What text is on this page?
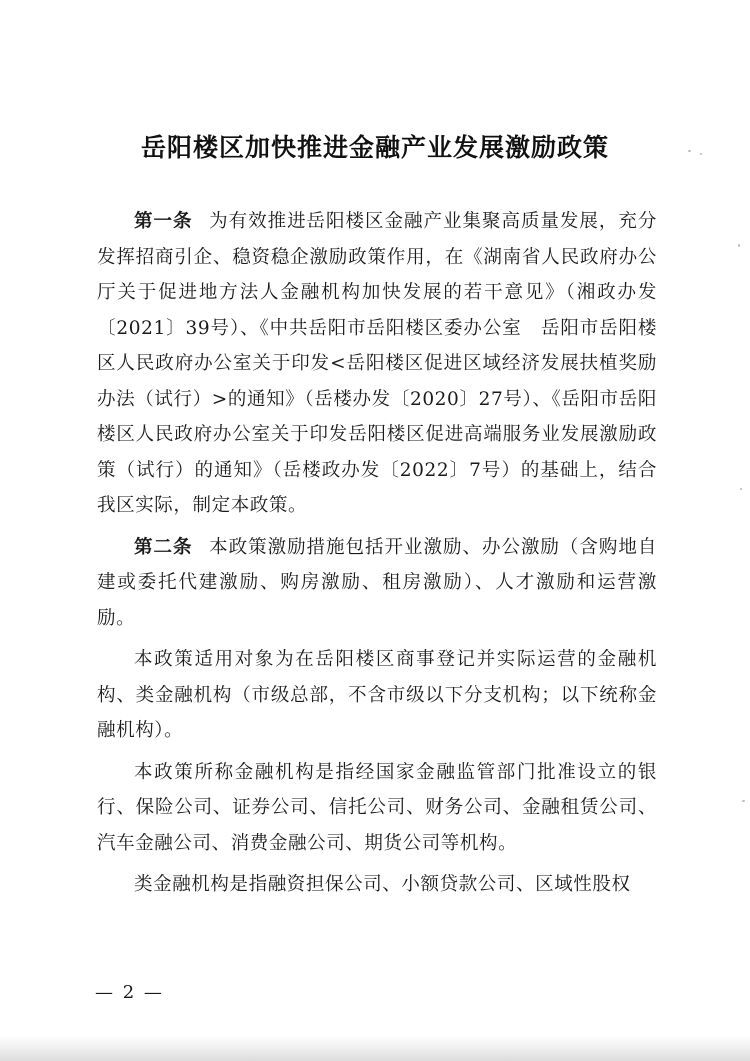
岳阳楼区加快推进金融产业发展激励政策

第一条 为有效推进岳阳楼区金融产业集聚高质量发展，充分发挥招商引企、稳资稳企激励政策作用，在《湖南省人民政府办公厅关于促进地方法人金融机构加快发展的若干意见》（湘政办发〔2021〕39号）、《中共岳阳市岳阳楼区委办公室　岳阳市岳阳楼区人民政府办公室关于印发<岳阳楼区促进区域经济发展扶植奖励办法（试行）>的通知》（岳楼办发〔2020〕27号）、《岳阳市岳阳楼区人民政府办公室关于印发岳阳楼区促进高端服务业发展激励政策（试行）的通知》（岳楼政办发〔2022〕7号）的基础上，结合我区实际，制定本政策。

第二条 本政策激励措施包括开业激励、办公激励（含购地自建或委托代建激励、购房激励、租房激励）、人才激励和运营激励。

本政策适用对象为在岳阳楼区商事登记并实际运营的金融机构、类金融机构（市级总部，不含市级以下分支机构；以下统称金融机构）。

本政策所称金融机构是指经国家金融监管部门批准设立的银行、保险公司、证券公司、信托公司、财务公司、金融租赁公司、汽车金融公司、消费金融公司、期货公司等机构。

类金融机构是指融资担保公司、小额贷款公司、区域性股权

— 2 —
